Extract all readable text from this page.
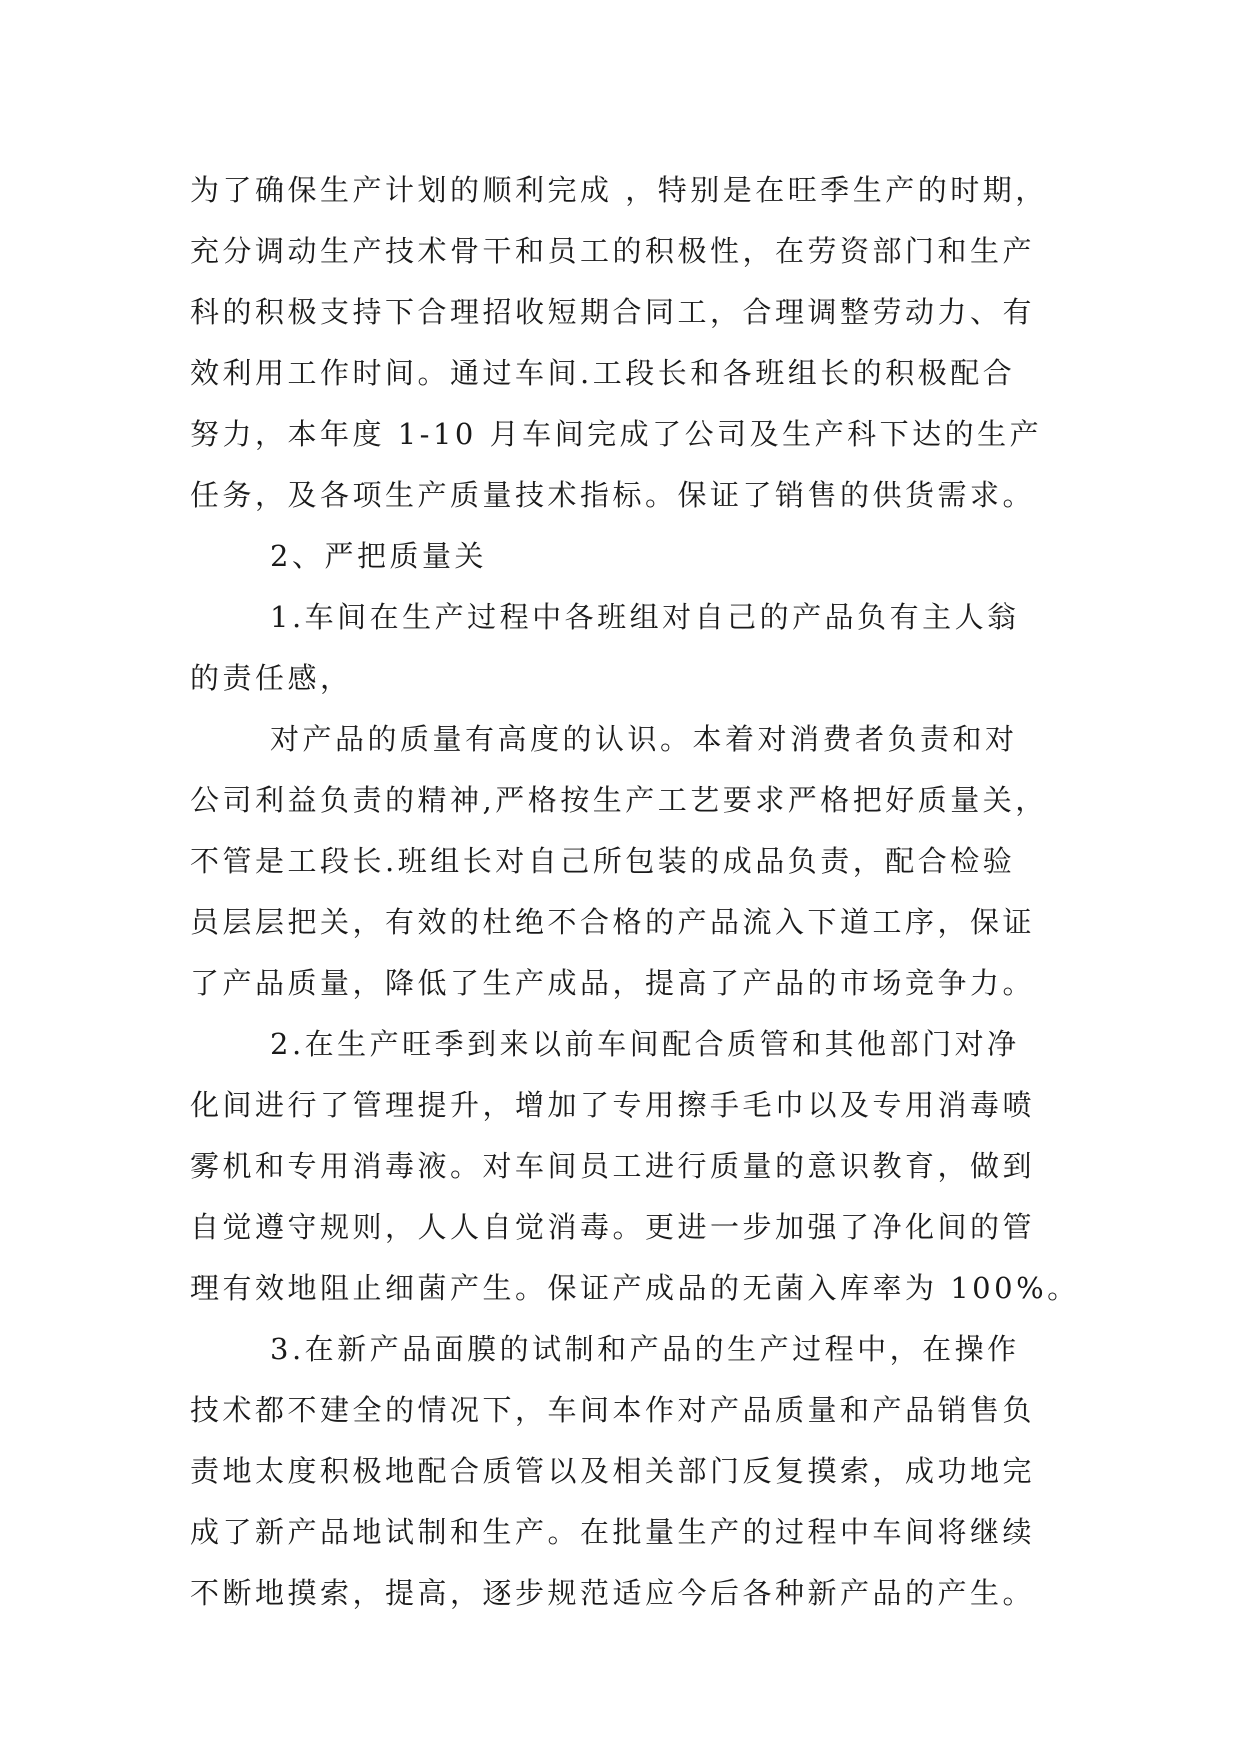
为了确保生产计划的顺利完成 ，特别是在旺季生产的时期，
充分调动生产技术骨干和员工的积极性，在劳资部门和生产
科的积极支持下合理招收短期合同工，合理调整劳动力、有
效利用工作时间。通过车间.工段长和各班组长的积极配合
努力，本年度 1-10 月车间完成了公司及生产科下达的生产
任务，及各项生产质量技术指标。保证了销售的供货需求。
2、严把质量关
1.车间在生产过程中各班组对自己的产品负有主人翁
的责任感，
对产品的质量有高度的认识。本着对消费者负责和对
公司利益负责的精神,严格按生产工艺要求严格把好质量关，
不管是工段长.班组长对自己所包装的成品负责，配合检验
员层层把关，有效的杜绝不合格的产品流入下道工序，保证
了产品质量，降低了生产成品，提高了产品的市场竞争力。
2.在生产旺季到来以前车间配合质管和其他部门对净
化间进行了管理提升，增加了专用擦手毛巾以及专用消毒喷
雾机和专用消毒液。对车间员工进行质量的意识教育，做到
自觉遵守规则，人人自觉消毒。更进一步加强了净化间的管
理有效地阻止细菌产生。保证产成品的无菌入库率为 100%。
3.在新产品面膜的试制和产品的生产过程中，在操作
技术都不建全的情况下，车间本作对产品质量和产品销售负
责地太度积极地配合质管以及相关部门反复摸索，成功地完
成了新产品地试制和生产。在批量生产的过程中车间将继续
不断地摸索，提高，逐步规范适应今后各种新产品的产生。
